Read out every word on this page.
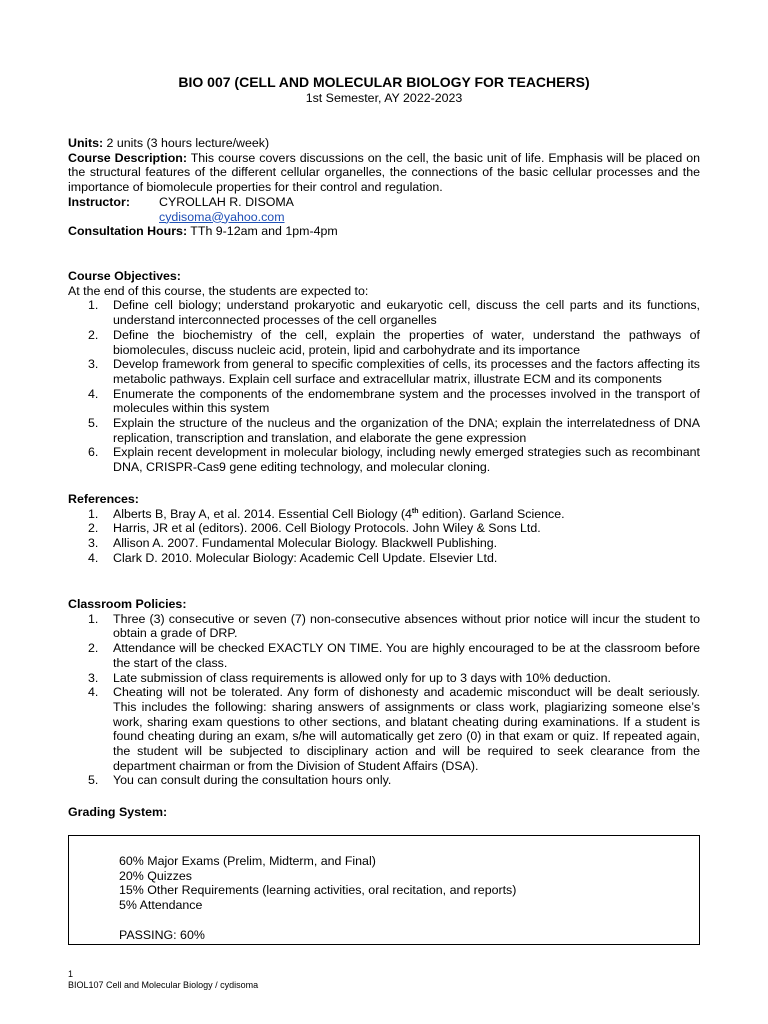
BIO 007 (CELL AND MOLECULAR BIOLOGY FOR TEACHERS)
1st Semester, AY 2022-2023
Units: 2 units (3 hours lecture/week)
Course Description: This course covers discussions on the cell, the basic unit of life. Emphasis will be placed on the structural features of the different cellular organelles, the connections of the basic cellular processes and the importance of biomolecule properties for their control and regulation.
Instructor: CYROLLAH R. DISOMA
cydisoma@yahoo.com
Consultation Hours: TTh 9-12am and 1pm-4pm
Course Objectives:
At the end of this course, the students are expected to:
1. Define cell biology; understand prokaryotic and eukaryotic cell, discuss the cell parts and its functions, understand interconnected processes of the cell organelles
2. Define the biochemistry of the cell, explain the properties of water, understand the pathways of biomolecules, discuss nucleic acid, protein, lipid and carbohydrate and its importance
3. Develop framework from general to specific complexities of cells, its processes and the factors affecting its metabolic pathways. Explain cell surface and extracellular matrix, illustrate ECM and its components
4. Enumerate the components of the endomembrane system and the processes involved in the transport of molecules within this system
5. Explain the structure of the nucleus and the organization of the DNA; explain the interrelatedness of DNA replication, transcription and translation, and elaborate the gene expression
6. Explain recent development in molecular biology, including newly emerged strategies such as recombinant DNA, CRISPR-Cas9 gene editing technology, and molecular cloning.
References:
1. Alberts B, Bray A, et al. 2014. Essential Cell Biology (4th edition). Garland Science.
2. Harris, JR et al (editors). 2006. Cell Biology Protocols. John Wiley & Sons Ltd.
3. Allison A. 2007. Fundamental Molecular Biology. Blackwell Publishing.
4. Clark D. 2010. Molecular Biology: Academic Cell Update. Elsevier Ltd.
Classroom Policies:
1. Three (3) consecutive or seven (7) non-consecutive absences without prior notice will incur the student to obtain a grade of DRP.
2. Attendance will be checked EXACTLY ON TIME. You are highly encouraged to be at the classroom before the start of the class.
3. Late submission of class requirements is allowed only for up to 3 days with 10% deduction.
4. Cheating will not be tolerated. Any form of dishonesty and academic misconduct will be dealt seriously. This includes the following: sharing answers of assignments or class work, plagiarizing someone else’s work, sharing exam questions to other sections, and blatant cheating during examinations. If a student is found cheating during an exam, s/he will automatically get zero (0) in that exam or quiz. If repeated again, the student will be subjected to disciplinary action and will be required to seek clearance from the department chairman or from the Division of Student Affairs (DSA).
5. You can consult during the consultation hours only.
Grading System:
60% Major Exams (Prelim, Midterm, and Final)
20% Quizzes
15% Other Requirements (learning activities, oral recitation, and reports)
5% Attendance
PASSING: 60%
1
BIOL107 Cell and Molecular Biology / cydisoma
